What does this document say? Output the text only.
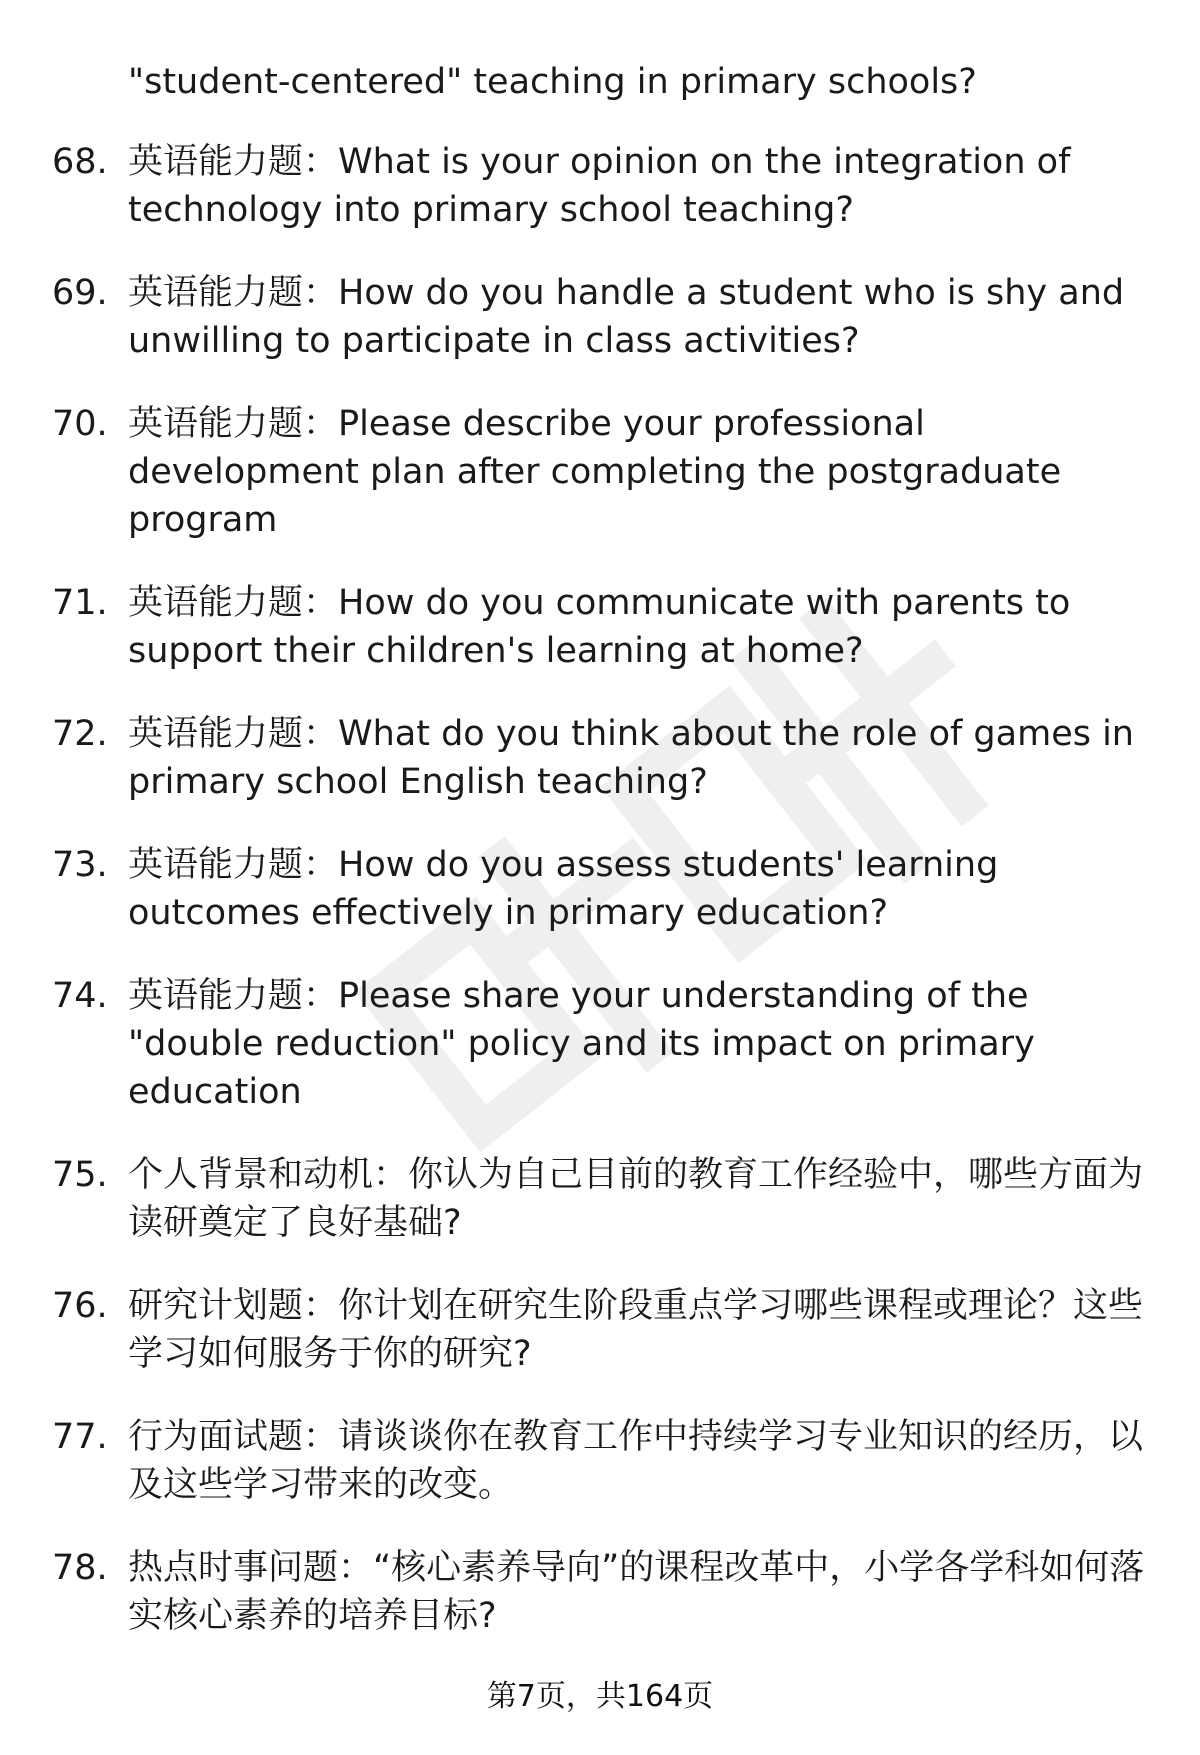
"student-centered" teaching in primary schools?
68. 英语能力题：What is your opinion on the integration of technology into primary school teaching?
69. 英语能力题：How do you handle a student who is shy and unwilling to participate in class activities?
70. 英语能力题：Please describe your professional development plan after completing the postgraduate program
71. 英语能力题：How do you communicate with parents to support their children's learning at home?
72. 英语能力题：What do you think about the role of games in primary school English teaching?
73. 英语能力题：How do you assess students' learning outcomes effectively in primary education?
74. 英语能力题：Please share your understanding of the "double reduction" policy and its impact on primary education
75. 个人背景和动机：你认为自己目前的教育工作经验中，哪些方面为读研奠定了良好基础?
76. 研究计划题：你计划在研究生阶段重点学习哪些课程或理论？这些学习如何服务于你的研究?
77. 行为面试题：请谈谈你在教育工作中持续学习专业知识的经历，以及这些学习带来的改变。
78. 热点时事问题：“核心素养导向”的课程改革中，小学各学科如何落实核心素养的培养目标?
第7页，共164页
